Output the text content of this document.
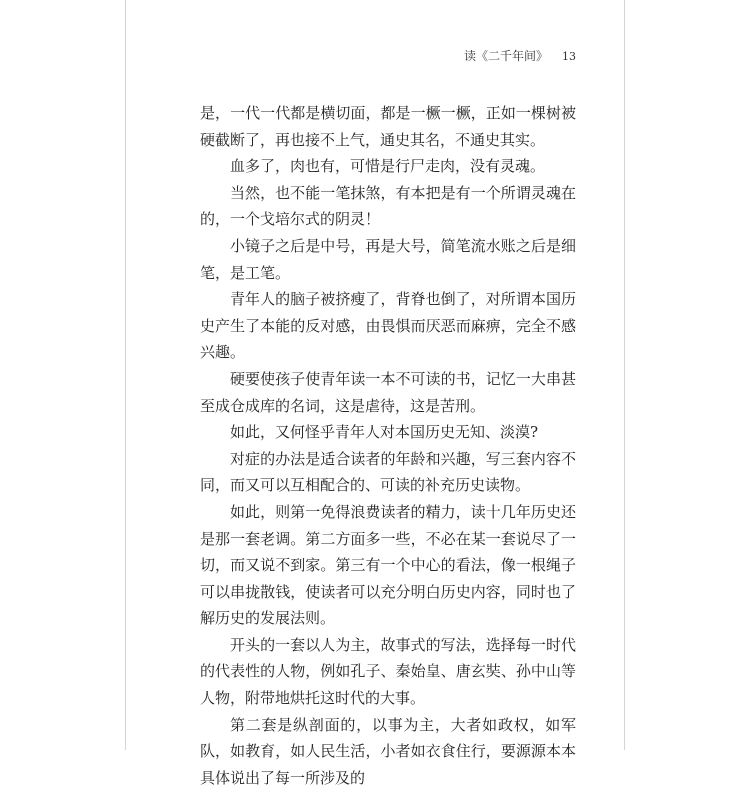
读《二千年间》 13

是，一代一代都是横切面，都是一橛一橛，正如一棵树被硬截断了，再也接不上气，通史其名，不通史其实。

血多了，肉也有，可惜是行尸走肉，没有灵魂。

当然，也不能一笔抹煞，有本把是有一个所谓灵魂在的，一个戈培尔式的阴灵！

小镜子之后是中号，再是大号，简笔流水账之后是细笔，是工笔。

青年人的脑子被挤瘦了，背脊也倒了，对所谓本国历史产生了本能的反对感，由畏惧而厌恶而麻痹，完全不感兴趣。

硬要使孩子使青年读一本不可读的书，记忆一大串甚至成仓成库的名词，这是虐待，这是苦刑。

如此，又何怪乎青年人对本国历史无知、淡漠?

对症的办法是适合读者的年龄和兴趣，写三套内容不同，而又可以互相配合的、可读的补充历史读物。

如此，则第一免得浪费读者的精力，读十几年历史还是那一套老调。第二方面多一些，不必在某一套说尽了一切，而又说不到家。第三有一个中心的看法，像一根绳子可以串拢散钱，使读者可以充分明白历史内容，同时也了解历史的发展法则。

开头的一套以人为主，故事式的写法，选择每一时代的代表性的人物，例如孔子、秦始皇、唐玄奘、孙中山等人物，附带地烘托这时代的大事。

第二套是纵剖面的，以事为主，大者如政权，如军队，如教育，如人民生活，小者如衣食住行，要源源本本具体说出了每一所涉及的
